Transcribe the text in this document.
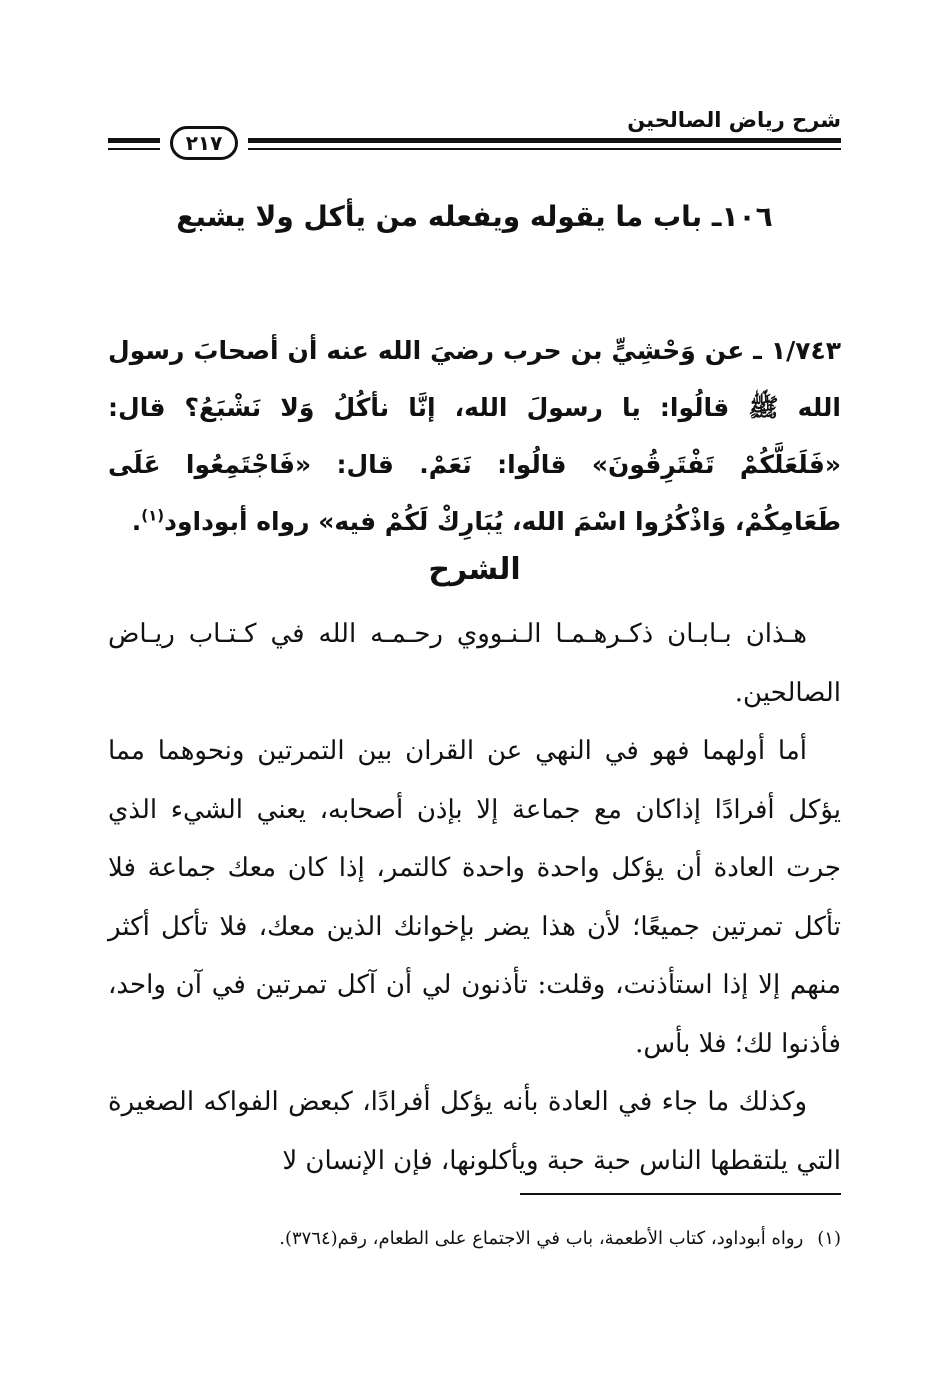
شرح رياض الصالحين
٢١٧
١٠٦ـ باب ما يقوله ويفعله من يأكل ولا يشبع

١/٧٤٣ ـ عن وَحْشِيٍّ بن حرب رضيَ الله عنه أن أصحابَ رسول الله ﷺ قالُوا: يا رسولَ الله، إنَّا نأكُلُ وَلا نَشْبَعُ؟ قال: «فَلَعَلَّكُمْ تَفْتَرِقُونَ» قالُوا: نَعَمْ. قال: «فَاجْتَمِعُوا عَلَى طَعَامِكُمْ، وَاذْكُرُوا اسْمَ الله، يُبَارِكْ لَكُمْ فيه» رواه أبوداود$^{(١)}$.

الشرح

هـذان بـابـان ذكـرهـمـا الـنـووي رحـمـه الله في كـتـاب ريـاض الصالحين.

أما أولهما فهو في النهي عن القران بين التمرتين ونحوهما مما يؤكل أفرادًا إذاكان مع جماعة إلا بإذن أصحابه، يعني الشيء الذي جرت العادة أن يؤكل واحدة واحدة كالتمر، إذا كان معك جماعة فلا تأكل تمرتين جميعًا؛ لأن هذا يضر بإخوانك الذين معك، فلا تأكل أكثر منهم إلا إذا استأذنت، وقلت: تأذنون لي أن آكل تمرتين في آن واحد، فأذنوا لك؛ فلا بأس.

وكذلك ما جاء في العادة بأنه يؤكل أفرادًا، كبعض الفواكه الصغيرة التي يلتقطها الناس حبة حبة ويأكلونها، فإن الإنسان لا

(١)رواه أبوداود، كتاب الأطعمة، باب في الاجتماع على الطعام، رقم(٣٧٦٤).
